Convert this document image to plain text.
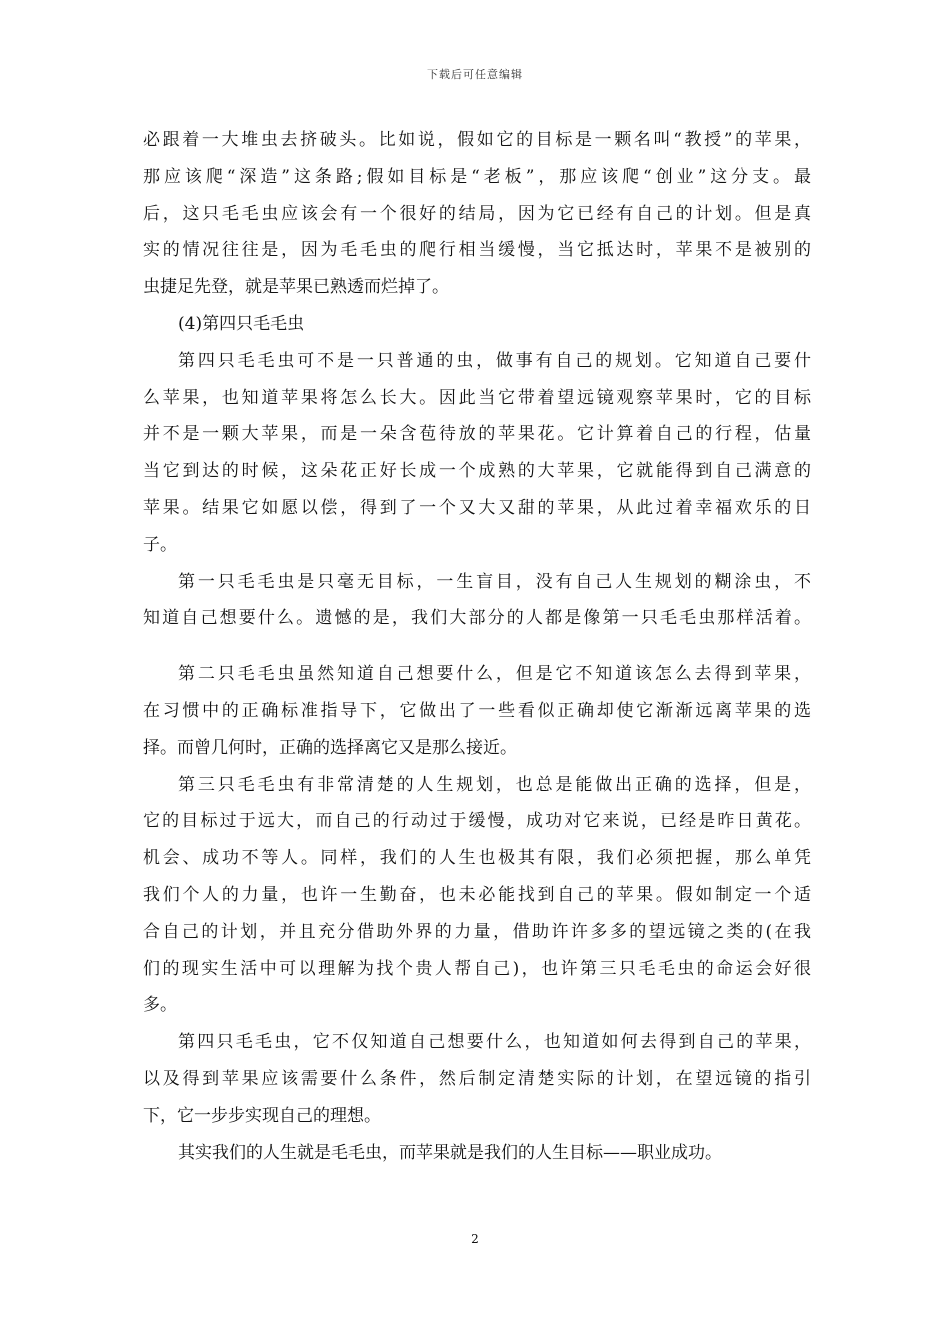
下载后可任意编辑
必跟着一大堆虫去挤破头。比如说，假如它的目标是一颗名叫“教授”的苹果，
那应该爬“深造”这条路;假如目标是“老板”，那应该爬“创业”这分支。最
后，这只毛毛虫应该会有一个很好的结局，因为它已经有自己的计划。但是真
实的情况往往是，因为毛毛虫的爬行相当缓慢，当它抵达时，苹果不是被别的
虫捷足先登，就是苹果已熟透而烂掉了。
(4)第四只毛毛虫
第四只毛毛虫可不是一只普通的虫，做事有自己的规划。它知道自己要什
么苹果，也知道苹果将怎么长大。因此当它带着望远镜观察苹果时，它的目标
并不是一颗大苹果，而是一朵含苞待放的苹果花。它计算着自己的行程，估量
当它到达的时候，这朵花正好长成一个成熟的大苹果，它就能得到自己满意的
苹果。结果它如愿以偿，得到了一个又大又甜的苹果，从此过着幸福欢乐的日
子。
第一只毛毛虫是只毫无目标，一生盲目，没有自己人生规划的糊涂虫，不
知道自己想要什么。遗憾的是，我们大部分的人都是像第一只毛毛虫那样活着。
第二只毛毛虫虽然知道自己想要什么，但是它不知道该怎么去得到苹果，
在习惯中的正确标准指导下，它做出了一些看似正确却使它渐渐远离苹果的选
择。而曾几何时，正确的选择离它又是那么接近。
第三只毛毛虫有非常清楚的人生规划，也总是能做出正确的选择，但是，
它的目标过于远大，而自己的行动过于缓慢，成功对它来说，已经是昨日黄花。
机会、成功不等人。同样，我们的人生也极其有限，我们必须把握，那么单凭
我们个人的力量，也许一生勤奋，也未必能找到自己的苹果。假如制定一个适
合自己的计划，并且充分借助外界的力量，借助许许多多的望远镜之类的(在我
们的现实生活中可以理解为找个贵人帮自己)，也许第三只毛毛虫的命运会好很
多。
第四只毛毛虫，它不仅知道自己想要什么，也知道如何去得到自己的苹果，
以及得到苹果应该需要什么条件，然后制定清楚实际的计划，在望远镜的指引
下，它一步步实现自己的理想。
其实我们的人生就是毛毛虫，而苹果就是我们的人生目标——职业成功。
2
